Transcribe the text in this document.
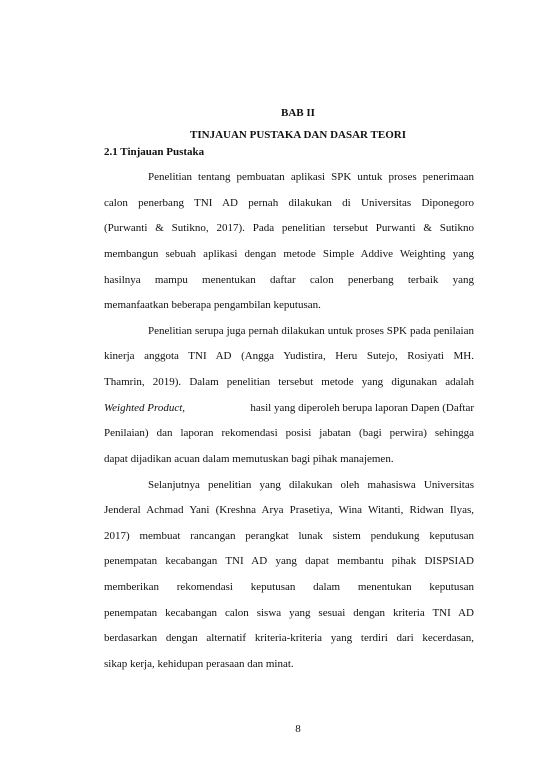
BAB II
TINJAUAN PUSTAKA DAN DASAR TEORI
2.1 Tinjauan Pustaka
Penelitian tentang pembuatan aplikasi SPK untuk proses penerimaan
calon penerbang TNI AD pernah dilakukan di Universitas Diponegoro
(Purwanti & Sutikno, 2017). Pada penelitian tersebut Purwanti & Sutikno
membangun sebuah aplikasi dengan metode Simple Addive Weighting yang
hasilnya mampu menentukan daftar calon penerbang terbaik yang
memanfaatkan beberapa pengambilan keputusan.
Penelitian serupa juga pernah dilakukan untuk proses SPK pada penilaian
kinerja anggota TNI AD (Angga Yudistira, Heru Sutejo, Rosiyati MH.
Thamrin, 2019). Dalam penelitian tersebut metode yang digunakan adalah
Weighted Product,	hasil yang diperoleh berupa laporan Dapen (Daftar
Penilaian) dan laporan rekomendasi posisi jabatan (bagi perwira) sehingga
dapat dijadikan acuan dalam memutuskan bagi pihak manajemen.
Selanjutnya penelitian yang dilakukan oleh mahasiswa Universitas
Jenderal Achmad Yani (Kreshna Arya Prasetiya, Wina Witanti, Ridwan Ilyas,
2017) membuat rancangan perangkat lunak sistem pendukung keputusan
penempatan kecabangan TNI AD yang dapat membantu pihak DISPSIAD
memberikan rekomendasi keputusan dalam menentukan keputusan
penempatan kecabangan calon siswa yang sesuai dengan kriteria TNI AD
berdasarkan dengan alternatif kriteria-kriteria yang terdiri dari kecerdasan,
sikap kerja, kehidupan perasaan dan minat.
8
